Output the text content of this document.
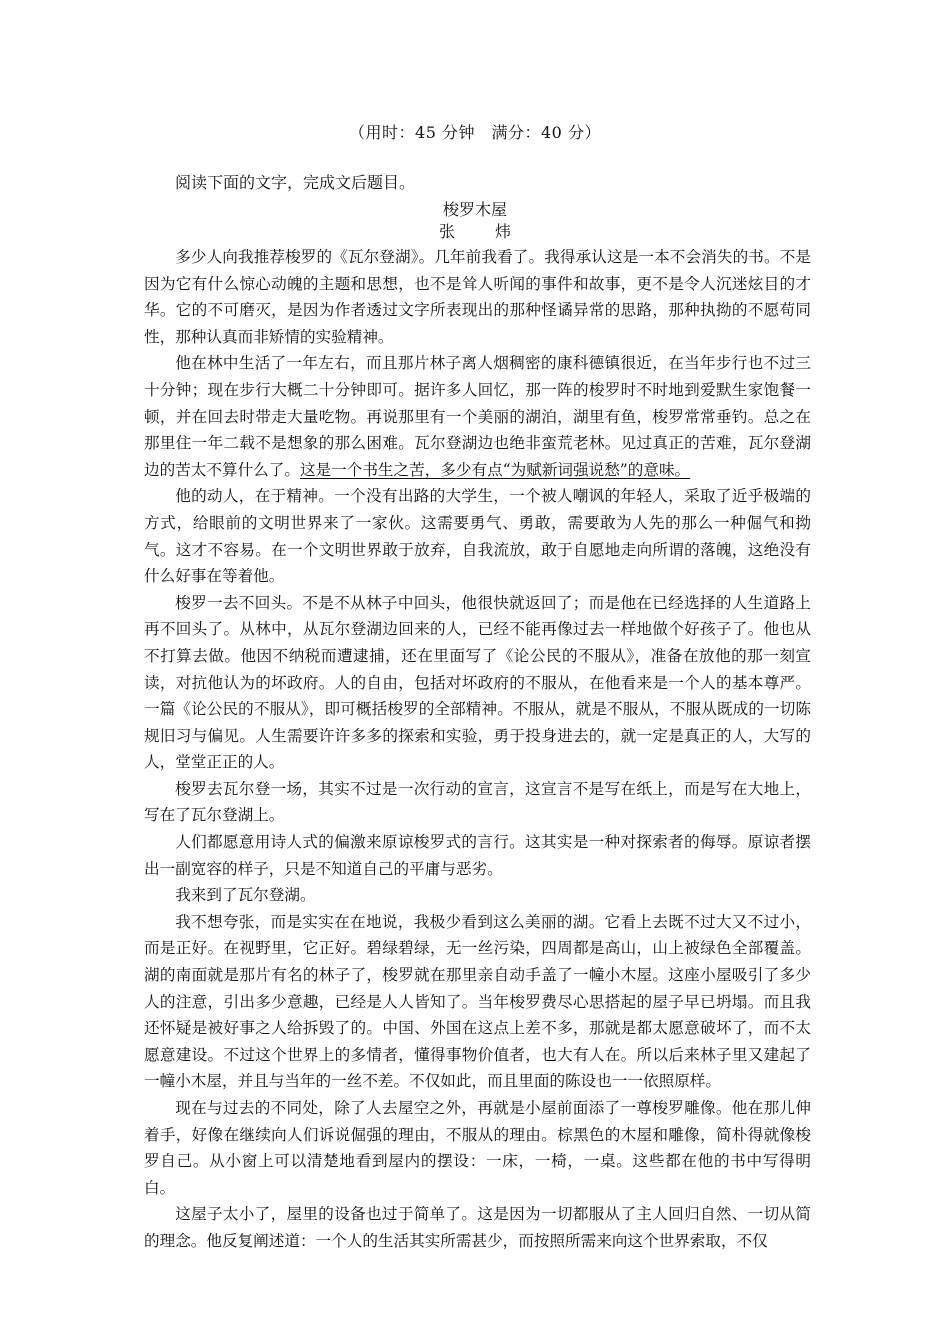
（用时：45 分钟　满分：40 分）
阅读下面的文字，完成文后题目。
梭罗木屋
张　炜

多少人向我推荐梭罗的《瓦尔登湖》。几年前我看了。我得承认这是一本不会消失的书。不是因为它有什么惊心动魄的主题和思想，也不是耸人听闻的事件和故事，更不是令人沉迷炫目的才华。它的不可磨灭，是因为作者透过文字所表现出的那种怪谲异常的思路，那种执拗的不愿苟同性，那种认真而非矫情的实验精神。

他在林中生活了一年左右，而且那片林子离人烟稠密的康科德镇很近，在当年步行也不过三十分钟；现在步行大概二十分钟即可。据许多人回忆，那一阵的梭罗时不时地到爱默生家饱餐一顿，并在回去时带走大量吃物。再说那里有一个美丽的湖泊，湖里有鱼，梭罗常常垂钓。总之在那里住一年二载不是想象的那么困难。瓦尔登湖边也绝非蛮荒老林。见过真正的苦难，瓦尔登湖边的苦太不算什么了。这是一个书生之苦，多少有点“为赋新词强说愁”的意味。

他的动人，在于精神。一个没有出路的大学生，一个被人嘲讽的年轻人，采取了近乎极端的方式，给眼前的文明世界来了一家伙。这需要勇气、勇敢，需要敢为人先的那么一种倔气和拗气。这才不容易。在一个文明世界敢于放弃，自我流放，敢于自愿地走向所谓的落魄，这绝没有什么好事在等着他。

梭罗一去不回头。不是不从林子中回头，他很快就返回了；而是他在已经选择的人生道路上再不回头了。从林中，从瓦尔登湖边回来的人，已经不能再像过去一样地做个好孩子了。他也从不打算去做。他因不纳税而遭逮捕，还在里面写了《论公民的不服从》，准备在放他的那一刻宣读，对抗他认为的坏政府。人的自由，包括对坏政府的不服从，在他看来是一个人的基本尊严。一篇《论公民的不服从》，即可概括梭罗的全部精神。不服从，就是不服从，不服从既成的一切陈规旧习与偏见。人生需要许许多多的探索和实验，勇于投身进去的，就一定是真正的人，大写的人，堂堂正正的人。

梭罗去瓦尔登一场，其实不过是一次行动的宣言，这宣言不是写在纸上，而是写在大地上，写在了瓦尔登湖上。

人们都愿意用诗人式的偏激来原谅梭罗式的言行。这其实是一种对探索者的侮辱。原谅者摆出一副宽容的样子，只是不知道自己的平庸与恶劣。

我来到了瓦尔登湖。

我不想夸张，而是实实在在地说，我极少看到这么美丽的湖。它看上去既不过大又不过小，而是正好。在视野里，它正好。碧绿碧绿，无一丝污染，四周都是高山，山上被绿色全部覆盖。湖的南面就是那片有名的林子了，梭罗就在那里亲自动手盖了一幢小木屋。这座小屋吸引了多少人的注意，引出多少意趣，已经是人人皆知了。当年梭罗费尽心思搭起的屋子早已坍塌。而且我还怀疑是被好事之人给拆毁了的。中国、外国在这点上差不多，那就是都太愿意破坏了，而不太愿意建设。不过这个世界上的多情者，懂得事物价值者，也大有人在。所以后来林子里又建起了一幢小木屋，并且与当年的一丝不差。不仅如此，而且里面的陈设也一一依照原样。

现在与过去的不同处，除了人去屋空之外，再就是小屋前面添了一尊梭罗雕像。他在那儿伸着手，好像在继续向人们诉说倔强的理由，不服从的理由。棕黑色的木屋和雕像，简朴得就像梭罗自己。从小窗上可以清楚地看到屋内的摆设：一床，一椅，一桌。这些都在他的书中写得明白。

这屋子太小了，屋里的设备也过于简单了。这是因为一切都服从了主人回归自然、一切从简的理念。他反复阐述道：一个人的生活其实所需甚少，而按照所需来向这个世界索取，不仅
